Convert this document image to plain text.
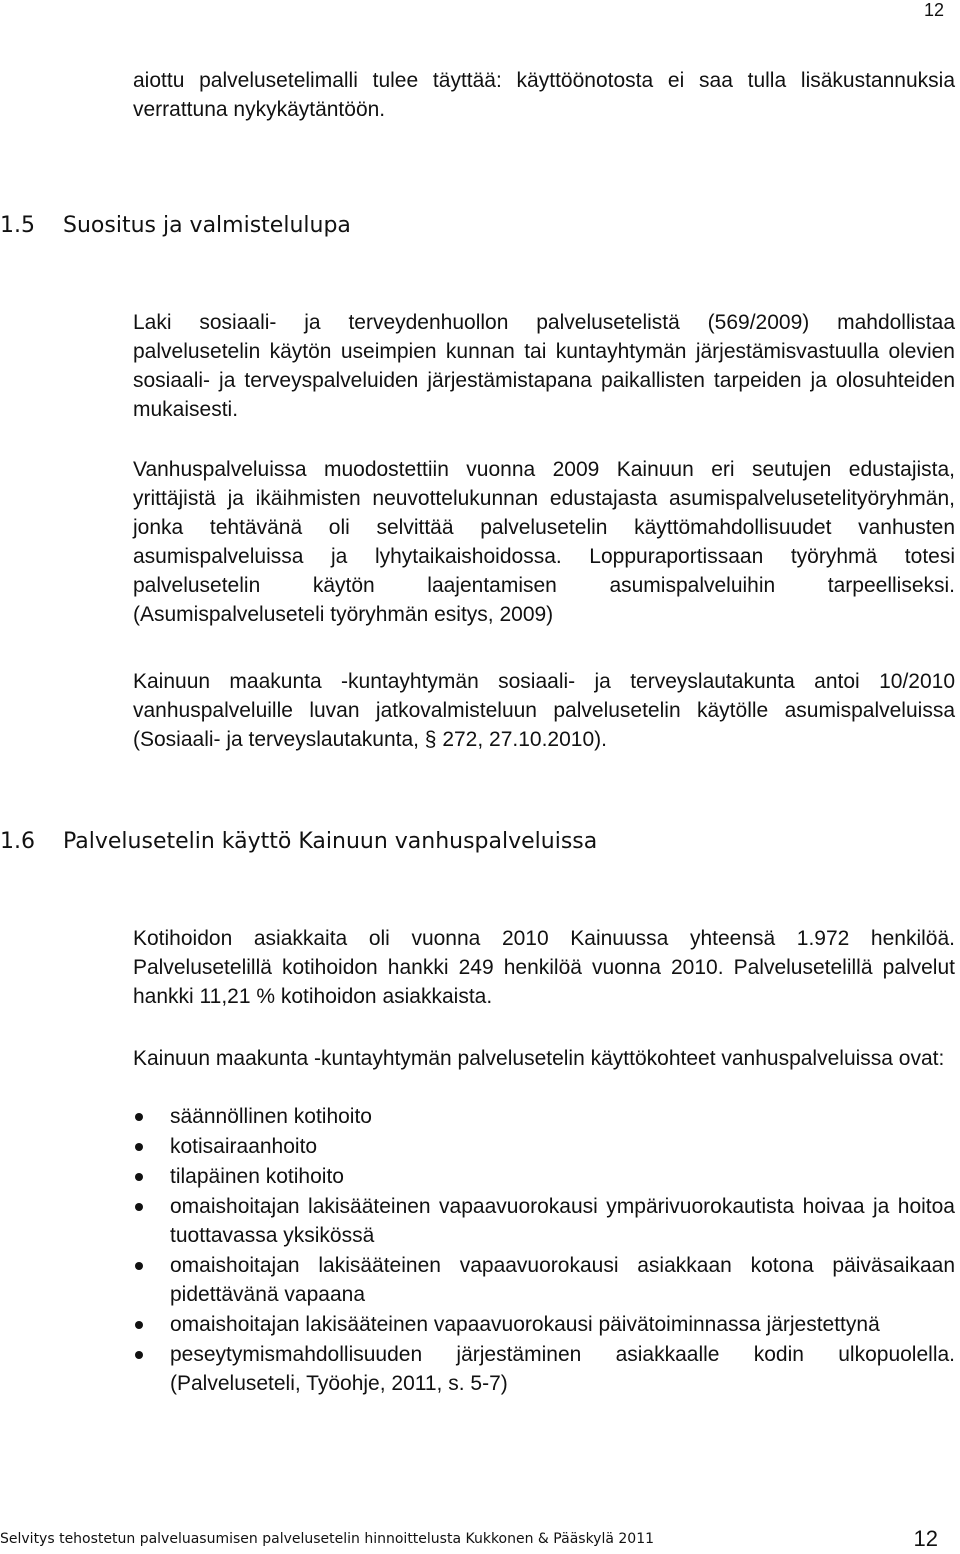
12

aiottu palvelusetelimalli tulee täyttää: käyttöönotosta ei saa tulla lisäkustannuksia verrattuna nykykäytäntöön.

1.5 Suositus ja valmistelulupa

Laki sosiaali- ja terveydenhuollon palvelusetelistä (569/2009) mahdollistaa palvelusetelin käytön useimpien kunnan tai kuntayhtymän järjestämisvastuulla olevien sosiaali- ja terveyspalveluiden järjestämistapana paikallisten tarpeiden ja olosuhteiden mukaisesti.

Vanhuspalveluissa muodostettiin vuonna 2009 Kainuun eri seutujen edustajista, yrittäjistä ja ikäihmisten neuvottelukunnan edustajasta asumispalvelusetelityöryhmän, jonka tehtävänä oli selvittää palvelusetelin käyttömahdollisuudet vanhusten asumispalveluissa ja lyhytaikaishoidossa. Loppuraportissaan työryhmä totesi palvelusetelin käytön laajentamisen asumispalveluihin tarpeelliseksi. (Asumispalveluseteli työryhmän esitys, 2009)

Kainuun maakunta -kuntayhtymän sosiaali- ja terveyslautakunta antoi 10/2010 vanhuspalveluille luvan jatkovalmisteluun palvelusetelin käytölle asumispalveluissa (Sosiaali- ja terveyslautakunta, § 272, 27.10.2010).

1.6 Palvelusetelin käyttö Kainuun vanhuspalveluissa

Kotihoidon asiakkaita oli vuonna 2010 Kainuussa yhteensä 1.972 henkilöä. Palvelusetelillä kotihoidon hankki 249 henkilöä vuonna 2010. Palvelusetelillä palvelut hankki 11,21 % kotihoidon asiakkaista.

Kainuun maakunta -kuntayhtymän palvelusetelin käyttökohteet vanhuspalveluissa ovat:

säännöllinen kotihoito
kotisairaanhoito
tilapäinen kotihoito
omaishoitajan lakisääteinen vapaavuorokausi ympärivuorokautista hoivaa ja hoitoa tuottavassa yksikössä
omaishoitajan lakisääteinen vapaavuorokausi asiakkaan kotona päiväsaikaan pidettävänä vapaana
omaishoitajan lakisääteinen vapaavuorokausi päivätoiminnassa järjestettynä
peseytymismahdollisuuden järjestäminen asiakkaalle kodin ulkopuolella. (Palveluseteli, Työohje, 2011, s. 5-7)
Selvitys tehostetun palveluasumisen palvelusetelin hinnoittelusta Kukkonen & Pääskylä 2011	12
